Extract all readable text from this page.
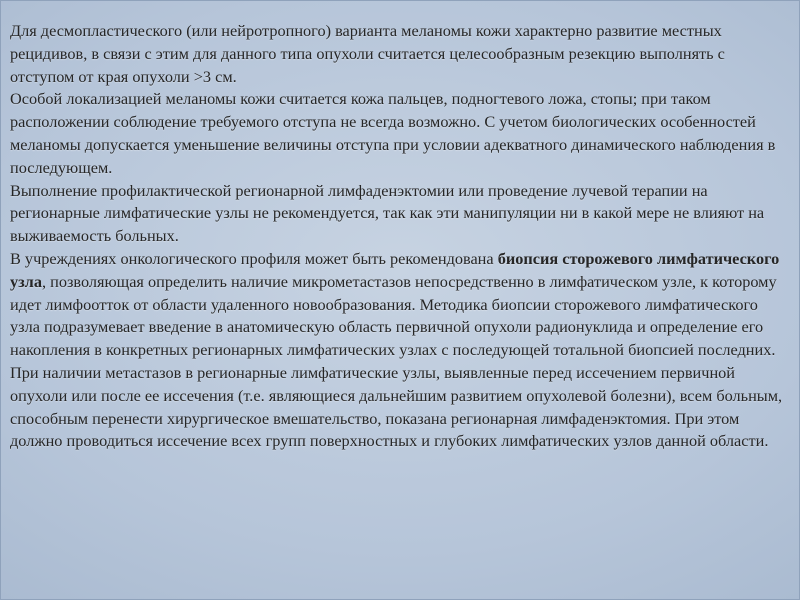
Для десмопластического (или нейротропного) варианта меланомы кожи характерно развитие местных рецидивов, в связи с этим для данного типа опухоли считается целесообразным резекцию выполнять с отступом от края опухоли >3 см.
Особой локализацией меланомы кожи считается кожа пальцев, подногтевого ложа, стопы; при таком расположении соблюдение требуемого отступа не всегда возможно. С учетом биологических особенностей меланомы допускается уменьшение величины отступа при условии адекватного динамического наблюдения в последующем.
Выполнение профилактической регионарной лимфаденэктомии или проведение лучевой терапии на регионарные лимфатические узлы не рекомендуется, так как эти манипуляции ни в какой мере не влияют на выживаемость больных.
В учреждениях онкологического профиля может быть рекомендована биопсия сторожевого лимфатического узла, позволяющая определить наличие микрометастазов непосредственно в лимфатическом узле, к которому идет лимфоотток от области удаленного новообразования. Методика биопсии сторожевого лимфатического узла подразумевает введение в анатомическую область первичной опухоли радионуклида и определение его накопления в конкретных регионарных лимфатических узлах с последующей тотальной биопсией последних.
При наличии метастазов в регионарные лимфатические узлы, выявленные перед иссечением первичной опухоли или после ее иссечения (т.е. являющиеся дальнейшим развитием опухолевой болезни), всем больным, способным перенести хирургическое вмешательство, показана регионарная лимфаденэктомия. При этом должно проводиться иссечение всех групп поверхностных и глубоких лимфатических узлов данной области.
